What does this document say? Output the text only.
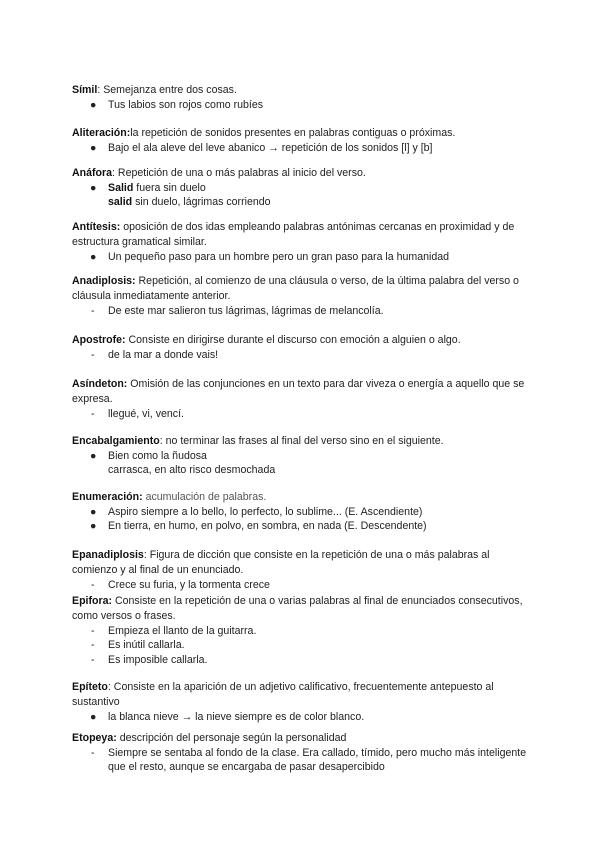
Símil: Semejanza entre dos cosas.

● Tus labios son rojos como rubíes

Aliteración:la repetición de sonidos presentes en palabras contiguas o próximas.

● Bajo el ala aleve del leve abanico → repetición de los sonidos [l] y [b]

Anáfora: Repetición de una o más palabras al inicio del verso.

● Salid fuera sin duelo
salid sin duelo, lágrimas corriendo

Antítesis: oposición de dos idas empleando palabras antónimas cercanas en proximidad y de estructura gramatical similar.

● Un pequeño paso para un hombre pero un gran paso para la humanidad

Anadiplosis: Repetición, al comienzo de una cláusula o verso, de la última palabra del verso o cláusula inmediatamente anterior.

- De este mar salieron tus lágrimas, lágrimas de melancolía.

Apostrofe: Consiste en dirigirse durante el discurso con emoción a alguien o algo.

- de la mar a donde vais!

Asíndeton: Omisión de las conjunciones en un texto para dar viveza o energía a aquello que se expresa.

- llegué, vi, vencí.

Encabalgamiento: no terminar las frases al final del verso sino en el siguiente.

● Bien como la ñudosa
carrasca, en alto risco desmochada

Enumeración: acumulación de palabras.

● Aspiro siempre a lo bello, lo perfecto, lo sublime... (E. Ascendiente)
● En tierra, en humo, en polvo, en sombra, en nada (E. Descendente)

Epanadiplosis: Figura de dicción que consiste en la repetición de una o más palabras al comienzo y al final de un enunciado.

- Crece su furia, y la tormenta crece

Epifora: Consiste en la repetición de una o varias palabras al final de enunciados consecutivos, como versos o frases.

- Empieza el llanto de la guitarra.
- Es inútil callarla.
- Es imposible callarla.

Epíteto: Consiste en la aparición de un adjetivo calificativo, frecuentemente antepuesto al sustantivo

● la blanca nieve → la nieve siempre es de color blanco.

Etopeya: descripción del personaje según la personalidad

- Siempre se sentaba al fondo de la clase. Era callado, tímido, pero mucho más inteligente que el resto, aunque se encargaba de pasar desapercibido
